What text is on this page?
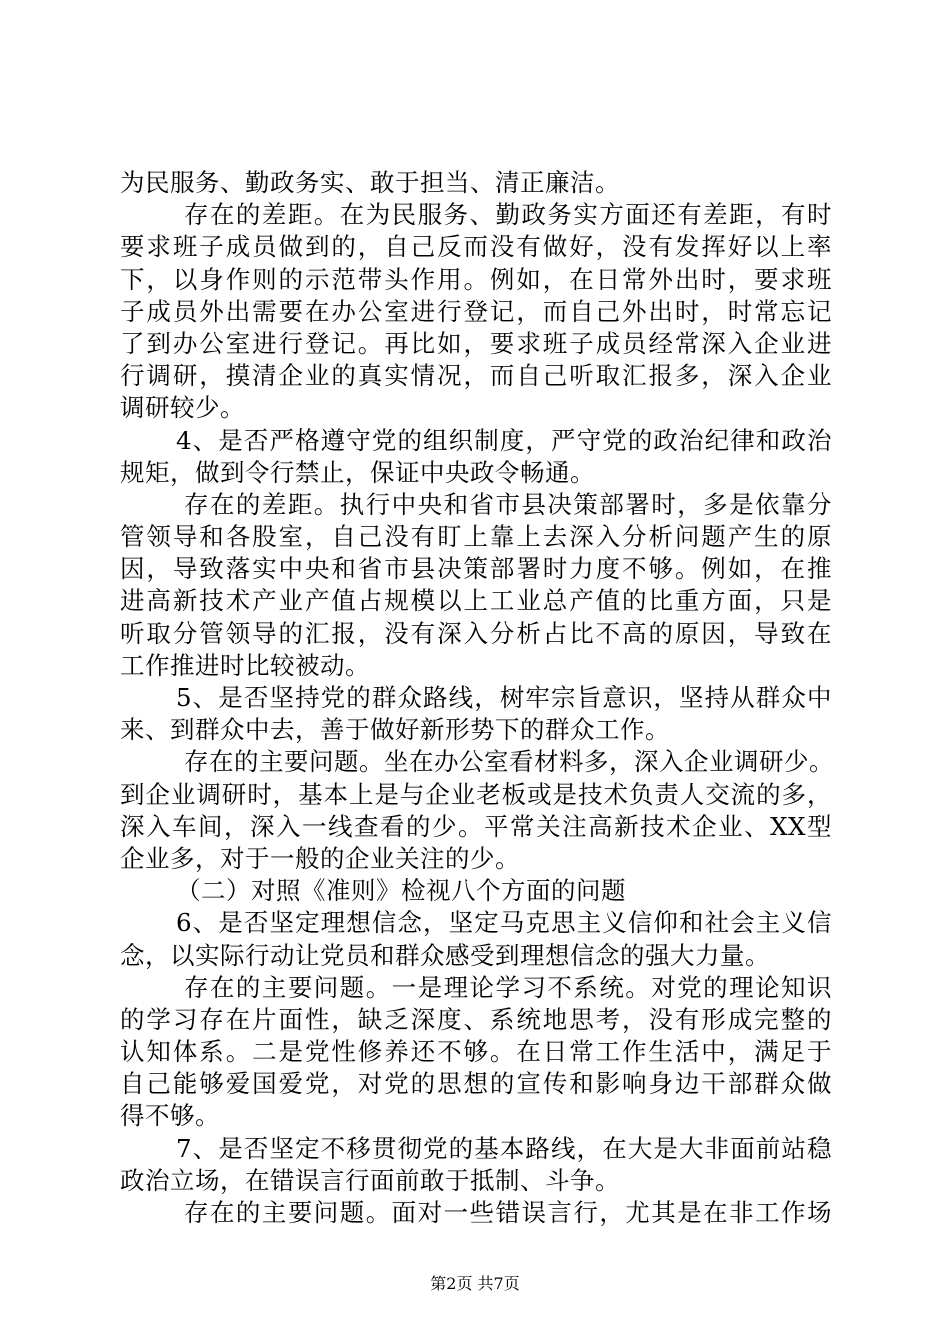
为民服务、勤政务实、敢于担当、清正廉洁。
存在的差距。在为民服务、勤政务实方面还有差距，有时
要求班子成员做到的，自己反而没有做好，没有发挥好以上率
下，以身作则的示范带头作用。例如，在日常外出时，要求班
子成员外出需要在办公室进行登记，而自己外出时，时常忘记
了到办公室进行登记。再比如，要求班子成员经常深入企业进
行调研，摸清企业的真实情况，而自己听取汇报多，深入企业
调研较少。
4、是否严格遵守党的组织制度，严守党的政治纪律和政治
规矩，做到令行禁止，保证中央政令畅通。
存在的差距。执行中央和省市县决策部署时，多是依靠分
管领导和各股室，自己没有盯上靠上去深入分析问题产生的原
因，导致落实中央和省市县决策部署时力度不够。例如，在推
进高新技术产业产值占规模以上工业总产值的比重方面，只是
听取分管领导的汇报，没有深入分析占比不高的原因，导致在
工作推进时比较被动。
5、是否坚持党的群众路线，树牢宗旨意识，坚持从群众中
来、到群众中去，善于做好新形势下的群众工作。
存在的主要问题。坐在办公室看材料多，深入企业调研少。
到企业调研时，基本上是与企业老板或是技术负责人交流的多，
深入车间，深入一线查看的少。平常关注高新技术企业、XX型
企业多，对于一般的企业关注的少。
（二）对照《准则》检视八个方面的问题
6、是否坚定理想信念，坚定马克思主义信仰和社会主义信
念，以实际行动让党员和群众感受到理想信念的强大力量。
存在的主要问题。一是理论学习不系统。对党的理论知识
的学习存在片面性，缺乏深度、系统地思考，没有形成完整的
认知体系。二是党性修养还不够。在日常工作生活中，满足于
自己能够爱国爱党，对党的思想的宣传和影响身边干部群众做
得不够。
7、是否坚定不移贯彻党的基本路线，在大是大非面前站稳
政治立场，在错误言行面前敢于抵制、斗争。
存在的主要问题。面对一些错误言行，尤其是在非工作场
第2页 共7页
